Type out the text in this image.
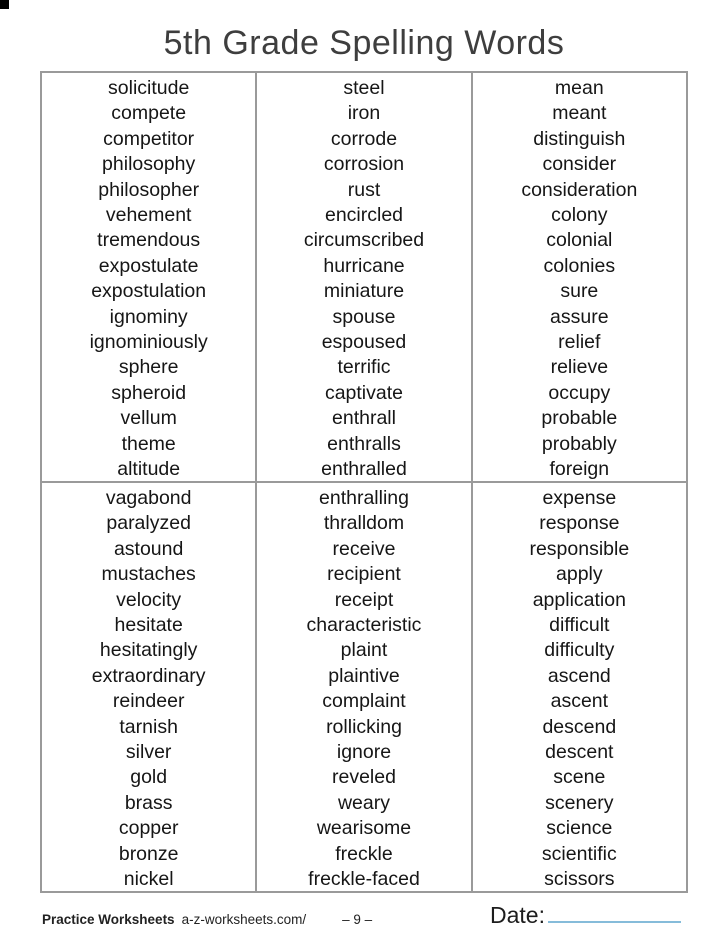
5th Grade Spelling Words
solicitude
compete
competitor
philosophy
philosopher
vehement
tremendous
expostulate
expostulation
ignominy
ignominiously
sphere
spheroid
vellum
theme
altitude
steel
iron
corrode
corrosion
rust
encircled
circumscribed
hurricane
miniature
spouse
espoused
terrific
captivate
enthrall
enthralls
enthralled
mean
meant
distinguish
consider
consideration
colony
colonial
colonies
sure
assure
relief
relieve
occupy
probable
probably
foreign
vagabond
paralyzed
astound
mustaches
velocity
hesitate
hesitatingly
extraordinary
reindeer
tarnish
silver
gold
brass
copper
bronze
nickel
enthralling
thralldom
receive
recipient
receipt
characteristic
plaint
plaintive
complaint
rollicking
ignore
reveled
weary
wearisome
freckle
freckle-faced
expense
response
responsible
apply
application
difficult
difficulty
ascend
ascent
descend
descent
scene
scenery
science
scientific
scissors
Practice Worksheets a-z-worksheets.com/	– 9 –	Date:
